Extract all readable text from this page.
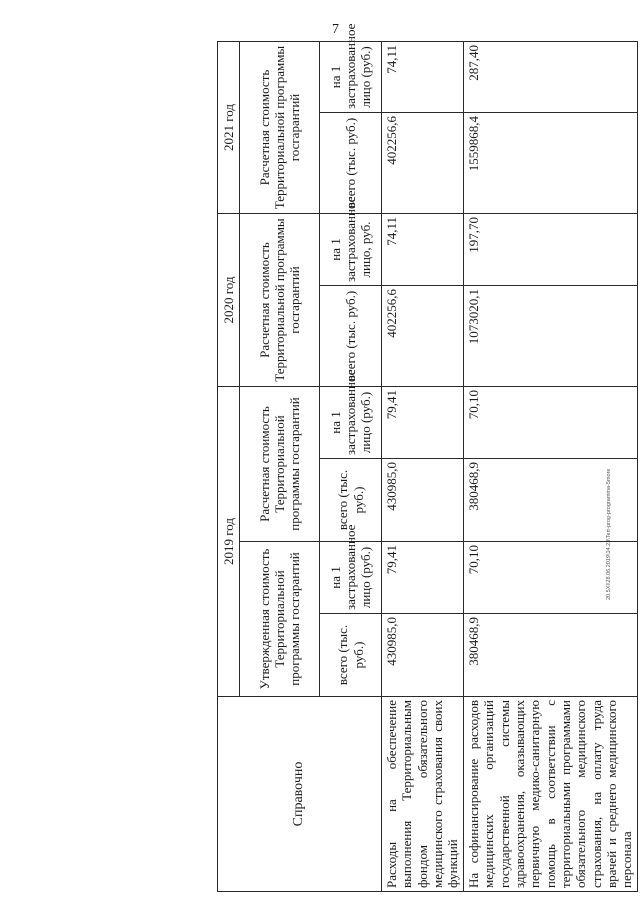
7
20.5XI\28.06.2019\14.23\Terr-prog-programma-5more
Справочно	2019 год				2020 год		2021 год	
	Утвержденная стоимость Территориальной программы госгарантий		Расчетная стоимость Территориальной программы госгарантий		Расчетная стоимость Территориальной программы госгарантий		Расчетная стоимость Территориальной программы госгарантий	
	всего (тыс. руб.)	на 1 застрахованное лицо (руб.)	всего (тыс. руб.)	на 1 застрахованное лицо (руб.)	всего (тыс. руб.)	на 1 застрахованное лицо, руб.	всего (тыс. руб.)	на 1 застрахованное лицо (руб.)
Расходы на обеспечение выполнения Территориальным фондом обязательного медицинского страхования своих функций	430985,0	79,41	430985,0	79,41	402256,6	74,11	402256,6	74,11
На софинансирование расходов медицинских организаций государственной системы здравоохранения, оказывающих первичную медико-санитарную помощь в соответствии с территориальными программами обязательного медицинского страхования, на оплату труда врачей и среднего медицинского персонала	380468,9	70,10	380468,9	70,10	1073020,1	197,70	1559868,4	287,40
